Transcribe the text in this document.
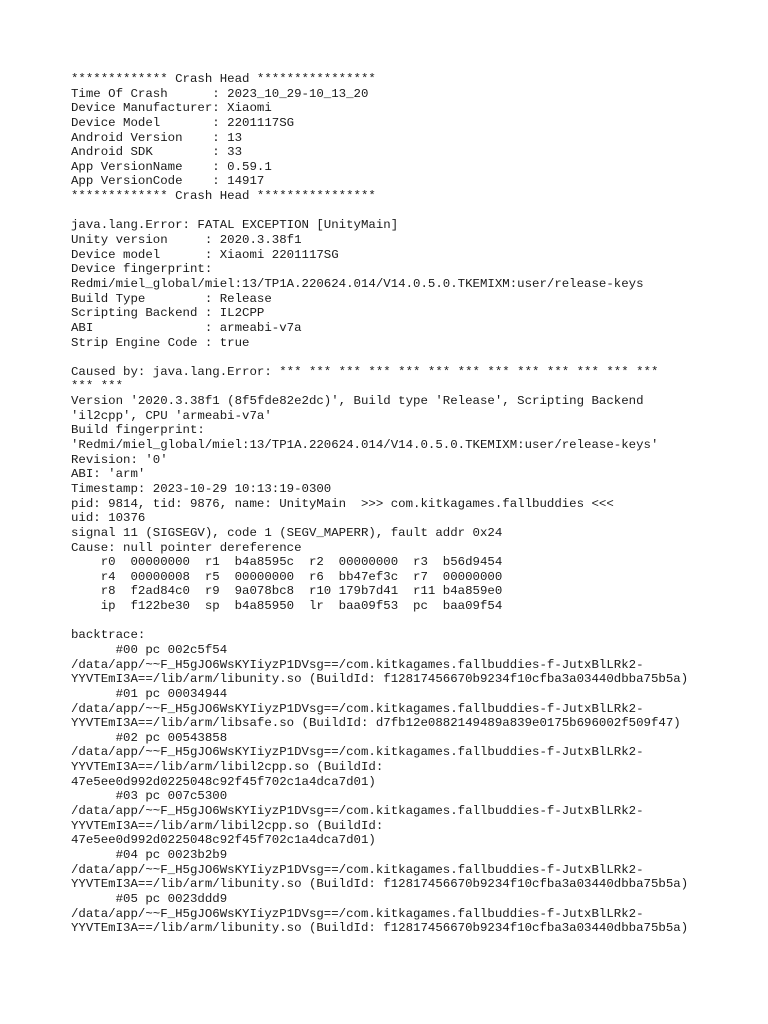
************* Crash Head ****************
Time Of Crash      : 2023_10_29-10_13_20
Device Manufacturer: Xiaomi
Device Model       : 2201117SG
Android Version    : 13
Android SDK        : 33
App VersionName    : 0.59.1
App VersionCode    : 14917
************* Crash Head ****************
java.lang.Error: FATAL EXCEPTION [UnityMain]
Unity version     : 2020.3.38f1
Device model      : Xiaomi 2201117SG
Device fingerprint:
Redmi/miel_global/miel:13/TP1A.220624.014/V14.0.5.0.TKEMIXM:user/release-keys
Build Type        : Release
Scripting Backend : IL2CPP
ABI               : armeabi-v7a
Strip Engine Code : true
Caused by: java.lang.Error: *** *** *** *** *** *** *** *** *** *** *** *** ***
*** ***
Version '2020.3.38f1 (8f5fde82e2dc)', Build type 'Release', Scripting Backend
'il2cpp', CPU 'armeabi-v7a'
Build fingerprint:
'Redmi/miel_global/miel:13/TP1A.220624.014/V14.0.5.0.TKEMIXM:user/release-keys'
Revision: '0'
ABI: 'arm'
Timestamp: 2023-10-29 10:13:19-0300
pid: 9814, tid: 9876, name: UnityMain  >>> com.kitkagames.fallbuddies <<<
uid: 10376
signal 11 (SIGSEGV), code 1 (SEGV_MAPERR), fault addr 0x24
Cause: null pointer dereference
r0  00000000  r1  b4a8595c  r2  00000000  r3  b56d9454
r4  00000008  r5  00000000  r6  bb47ef3c  r7  00000000
r8  f2ad84c0  r9  9a078bc8  r10 179b7d41  r11 b4a859e0
ip  f122be30  sp  b4a85950  lr  baa09f53  pc  baa09f54
backtrace:
#00 pc 002c5f54
/data/app/~~F_H5gJO6WsKYIiyzP1DVsg==/com.kitkagames.fallbuddies-f-JutxBlLRk2-
YYVTEmI3A==/lib/arm/libunity.so (BuildId: f12817456670b9234f10cfba3a03440dbba75b5a)
#01 pc 00034944
/data/app/~~F_H5gJO6WsKYIiyzP1DVsg==/com.kitkagames.fallbuddies-f-JutxBlLRk2-
YYVTEmI3A==/lib/arm/libsafe.so (BuildId: d7fb12e0882149489a839e0175b696002f509f47)
#02 pc 00543858
/data/app/~~F_H5gJO6WsKYIiyzP1DVsg==/com.kitkagames.fallbuddies-f-JutxBlLRk2-
YYVTEmI3A==/lib/arm/libil2cpp.so (BuildId:
47e5ee0d992d0225048c92f45f702c1a4dca7d01)
#03 pc 007c5300
/data/app/~~F_H5gJO6WsKYIiyzP1DVsg==/com.kitkagames.fallbuddies-f-JutxBlLRk2-
YYVTEmI3A==/lib/arm/libil2cpp.so (BuildId:
47e5ee0d992d0225048c92f45f702c1a4dca7d01)
#04 pc 0023b2b9
/data/app/~~F_H5gJO6WsKYIiyzP1DVsg==/com.kitkagames.fallbuddies-f-JutxBlLRk2-
YYVTEmI3A==/lib/arm/libunity.so (BuildId: f12817456670b9234f10cfba3a03440dbba75b5a)
#05 pc 0023ddd9
/data/app/~~F_H5gJO6WsKYIiyzP1DVsg==/com.kitkagames.fallbuddies-f-JutxBlLRk2-
YYVTEmI3A==/lib/arm/libunity.so (BuildId: f12817456670b9234f10cfba3a03440dbba75b5a)
